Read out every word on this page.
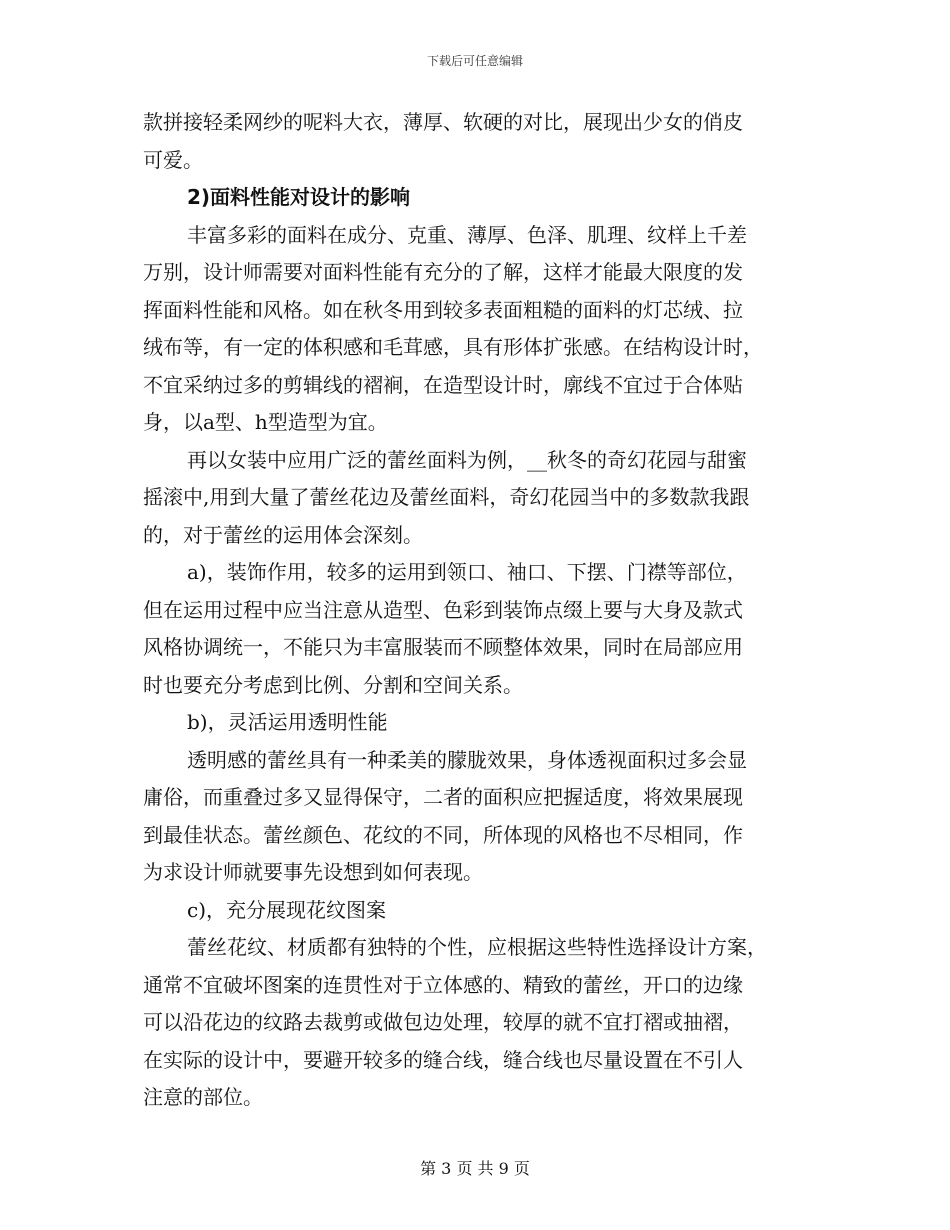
下载后可任意编辑

款拼接轻柔网纱的呢料大衣，薄厚、软硬的对比，展现出少女的俏皮

可爱。

2)面料性能对设计的影响

丰富多彩的面料在成分、克重、薄厚、色泽、肌理、纹样上千差

万别，设计师需要对面料性能有充分的了解，这样才能最大限度的发

挥面料性能和风格。如在秋冬用到较多表面粗糙的面料的灯芯绒、拉

绒布等，有一定的体积感和毛茸感，具有形体扩张感。在结构设计时，

不宜采纳过多的剪辑线的褶裥，在造型设计时，廓线不宜过于合体贴

身，以a型、h型造型为宜。

再以女装中应用广泛的蕾丝面料为例，__秋冬的奇幻花园与甜蜜

摇滚中,用到大量了蕾丝花边及蕾丝面料，奇幻花园当中的多数款我跟

的，对于蕾丝的运用体会深刻。

a)，装饰作用，较多的运用到领口、袖口、下摆、门襟等部位，

但在运用过程中应当注意从造型、色彩到装饰点缀上要与大身及款式

风格协调统一，不能只为丰富服装而不顾整体效果，同时在局部应用

时也要充分考虑到比例、分割和空间关系。

b)，灵活运用透明性能

透明感的蕾丝具有一种柔美的朦胧效果，身体透视面积过多会显

庸俗，而重叠过多又显得保守，二者的面积应把握适度，将效果展现

到最佳状态。蕾丝颜色、花纹的不同，所体现的风格也不尽相同，作

为求设计师就要事先设想到如何表现。

c)，充分展现花纹图案

蕾丝花纹、材质都有独特的个性，应根据这些特性选择设计方案，

通常不宜破坏图案的连贯性对于立体感的、精致的蕾丝，开口的边缘

可以沿花边的纹路去裁剪或做包边处理，较厚的就不宜打褶或抽褶，

在实际的设计中，要避开较多的缝合线，缝合线也尽量设置在不引人

注意的部位。

第 3 页 共 9 页
